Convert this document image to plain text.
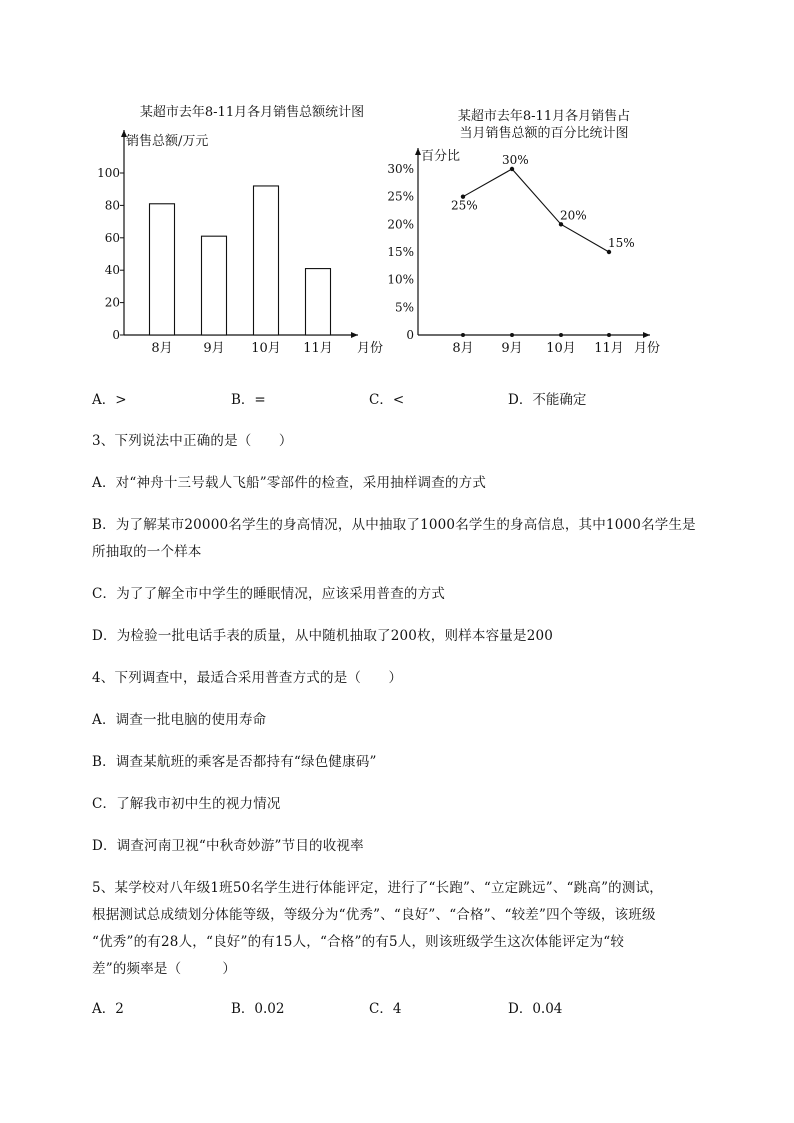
某超市去年8-11月各月销售总额统计图
销售总额/万元
月份
0
20
40
60
80
100
8月 9月 10月 11月
某超市去年8-11月各月销售占
当月销售总额的百分比统计图
百分比
月份
0
5%
10%
15%
20%
25%
30%
25%
8月
30%
9月
20%
10月
15%
11月
A．>	B．=	C．<	D．不能确定
3、下列说法中正确的是（　　）
A．对“神舟十三号载人飞船”零部件的检查，采用抽样调查的方式
B．为了解某市20000名学生的身高情况，从中抽取了1000名学生的身高信息，其中1000名学生是
所抽取的一个样本
C．为了了解全市中学生的睡眠情况，应该采用普查的方式
D．为检验一批电话手表的质量，从中随机抽取了200枚，则样本容量是200
4、下列调查中，最适合采用普查方式的是（　　）
A．调查一批电脑的使用寿命
B．调查某航班的乘客是否都持有“绿色健康码”
C．了解我市初中生的视力情况
D．调查河南卫视“中秋奇妙游”节目的收视率
5、某学校对八年级1班50名学生进行体能评定，进行了“长跑”、“立定跳远”、“跳高”的测试，
根据测试总成绩划分体能等级，等级分为“优秀”、“良好”、“合格”、“较差”四个等级，该班级
“优秀”的有28人，“良好”的有15人，“合格”的有5人，则该班级学生这次体能评定为“较
差”的频率是（　　　）
A．2	B．0.02	C．4	D．0.04
